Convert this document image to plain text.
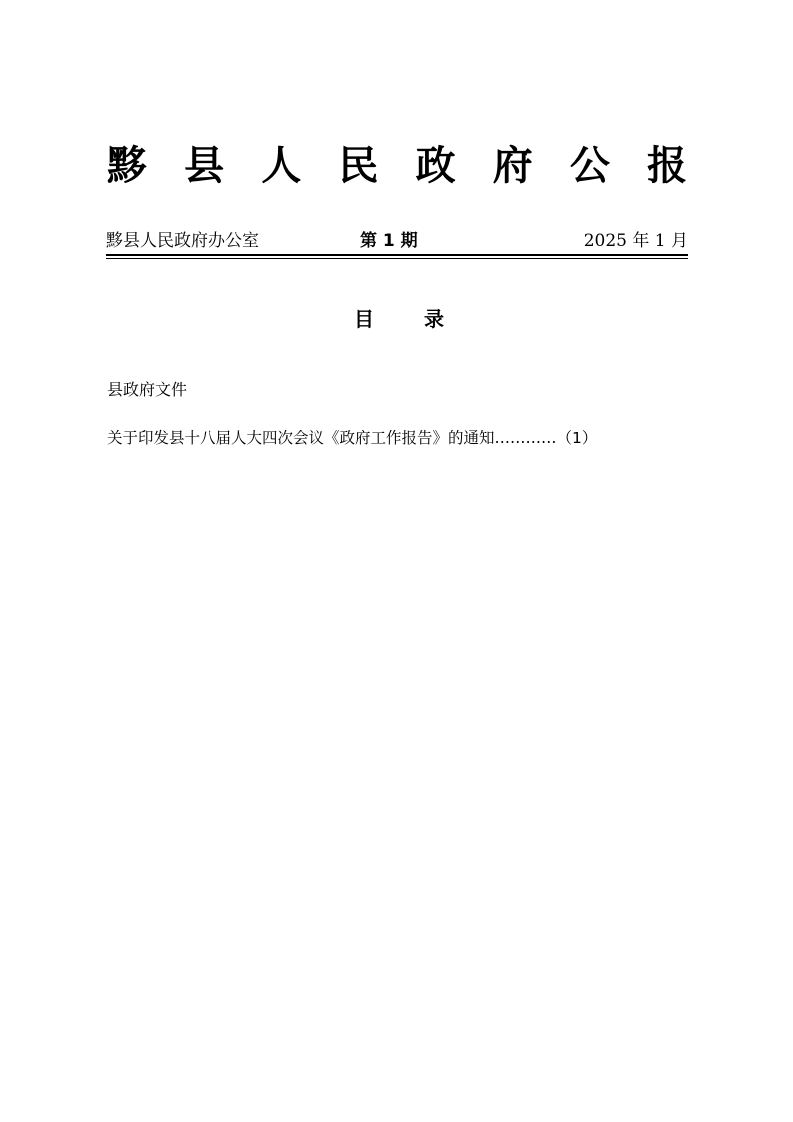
黟 县 人 民 政 府 公 报
黟县人民政府办公室	第 1 期	2025 年 1 月
目	录
县政府文件
关于印发县十八届人大四次会议《政府工作报告》的通知…………（1）
